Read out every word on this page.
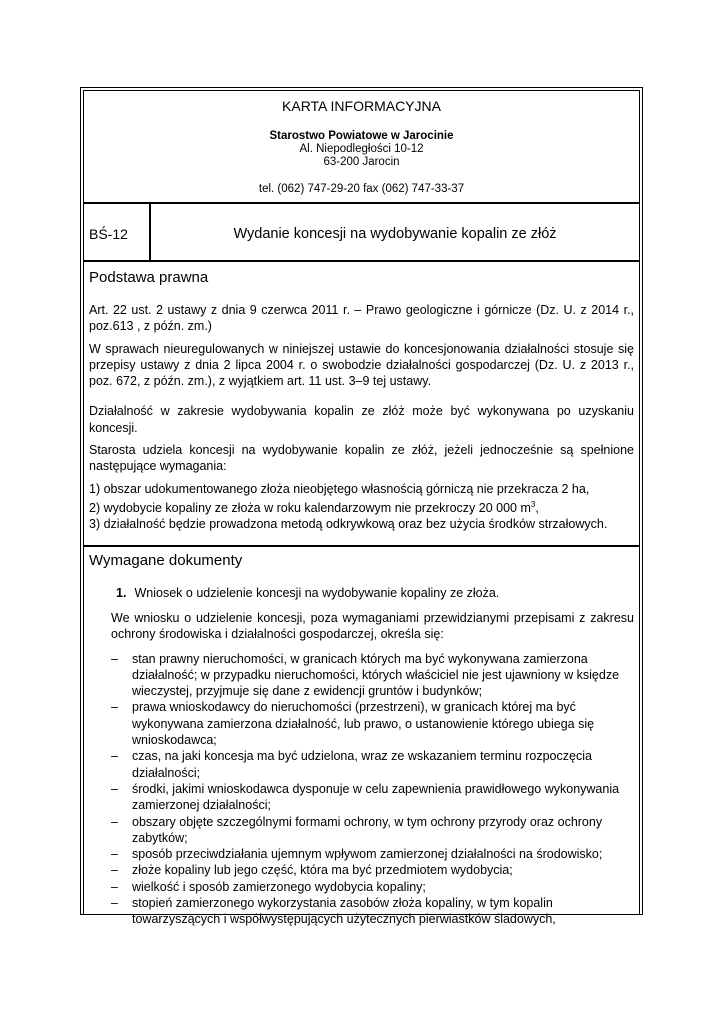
KARTA INFORMACYJNA
Starostwo Powiatowe w Jarocinie
Al. Niepodległości 10-12
63-200 Jarocin
tel. (062) 747-29-20 fax (062) 747-33-37
BŚ-12	Wydanie koncesji na wydobywanie kopalin ze złóż
Podstawa prawna

Art. 22 ust. 2 ustawy z dnia 9 czerwca 2011 r. – Prawo geologiczne i górnicze (Dz. U. z 2014 r., poz.613 , z późn. zm.)

W sprawach nieuregulowanych w niniejszej ustawie do koncesjonowania działalności stosuje się przepisy ustawy z dnia 2 lipca 2004 r. o swobodzie działalności gospodarczej (Dz. U. z 2013 r., poz. 672, z późn. zm.), z wyjątkiem art. 11 ust. 3–9 tej ustawy.

Działalność w zakresie wydobywania kopalin ze złóż może być wykonywana po uzyskaniu koncesji.

Starosta udziela koncesji na wydobywanie kopalin ze złóż, jeżeli jednocześnie są spełnione następujące wymagania:

1) obszar udokumentowanego złoża nieobjętego własnością górniczą nie przekracza 2 ha,
2) wydobycie kopaliny ze złoża w roku kalendarzowym nie przekroczy 20 000 $m^3$,
3) działalność będzie prowadzona metodą odkrywkową oraz bez użycia środków strzałowych.

Wymagane dokumenty
1. Wniosek o udzielenie koncesji na wydobywanie kopaliny ze złoża.

We wniosku o udzielenie koncesji, poza wymaganiami przewidzianymi przepisami z zakresu ochrony środowiska i działalności gospodarczej, określa się:

– stan prawny nieruchomości, w granicach których ma być wykonywana zamierzona działalność; w przypadku nieruchomości, których właściciel nie jest ujawniony w księdze wieczystej, przyjmuje się dane z ewidencji gruntów i budynków;
– prawa wnioskodawcy do nieruchomości (przestrzeni), w granicach której ma być wykonywana zamierzona działalność, lub prawo, o ustanowienie którego ubiega się wnioskodawca;
– czas, na jaki koncesja ma być udzielona, wraz ze wskazaniem terminu rozpoczęcia działalności;
– środki, jakimi wnioskodawca dysponuje w celu zapewnienia prawidłowego wykonywania zamierzonej działalności;
– obszary objęte szczególnymi formami ochrony, w tym ochrony przyrody oraz ochrony zabytków;
– sposób przeciwdziałania ujemnym wpływom zamierzonej działalności na środowisko;
– złoże kopaliny lub jego część, która ma być przedmiotem wydobycia;
– wielkość i sposób zamierzonego wydobycia kopaliny;
– stopień zamierzonego wykorzystania zasobów złoża kopaliny, w tym kopalin towarzyszących i współwystępujących użytecznych pierwiastków śladowych,
